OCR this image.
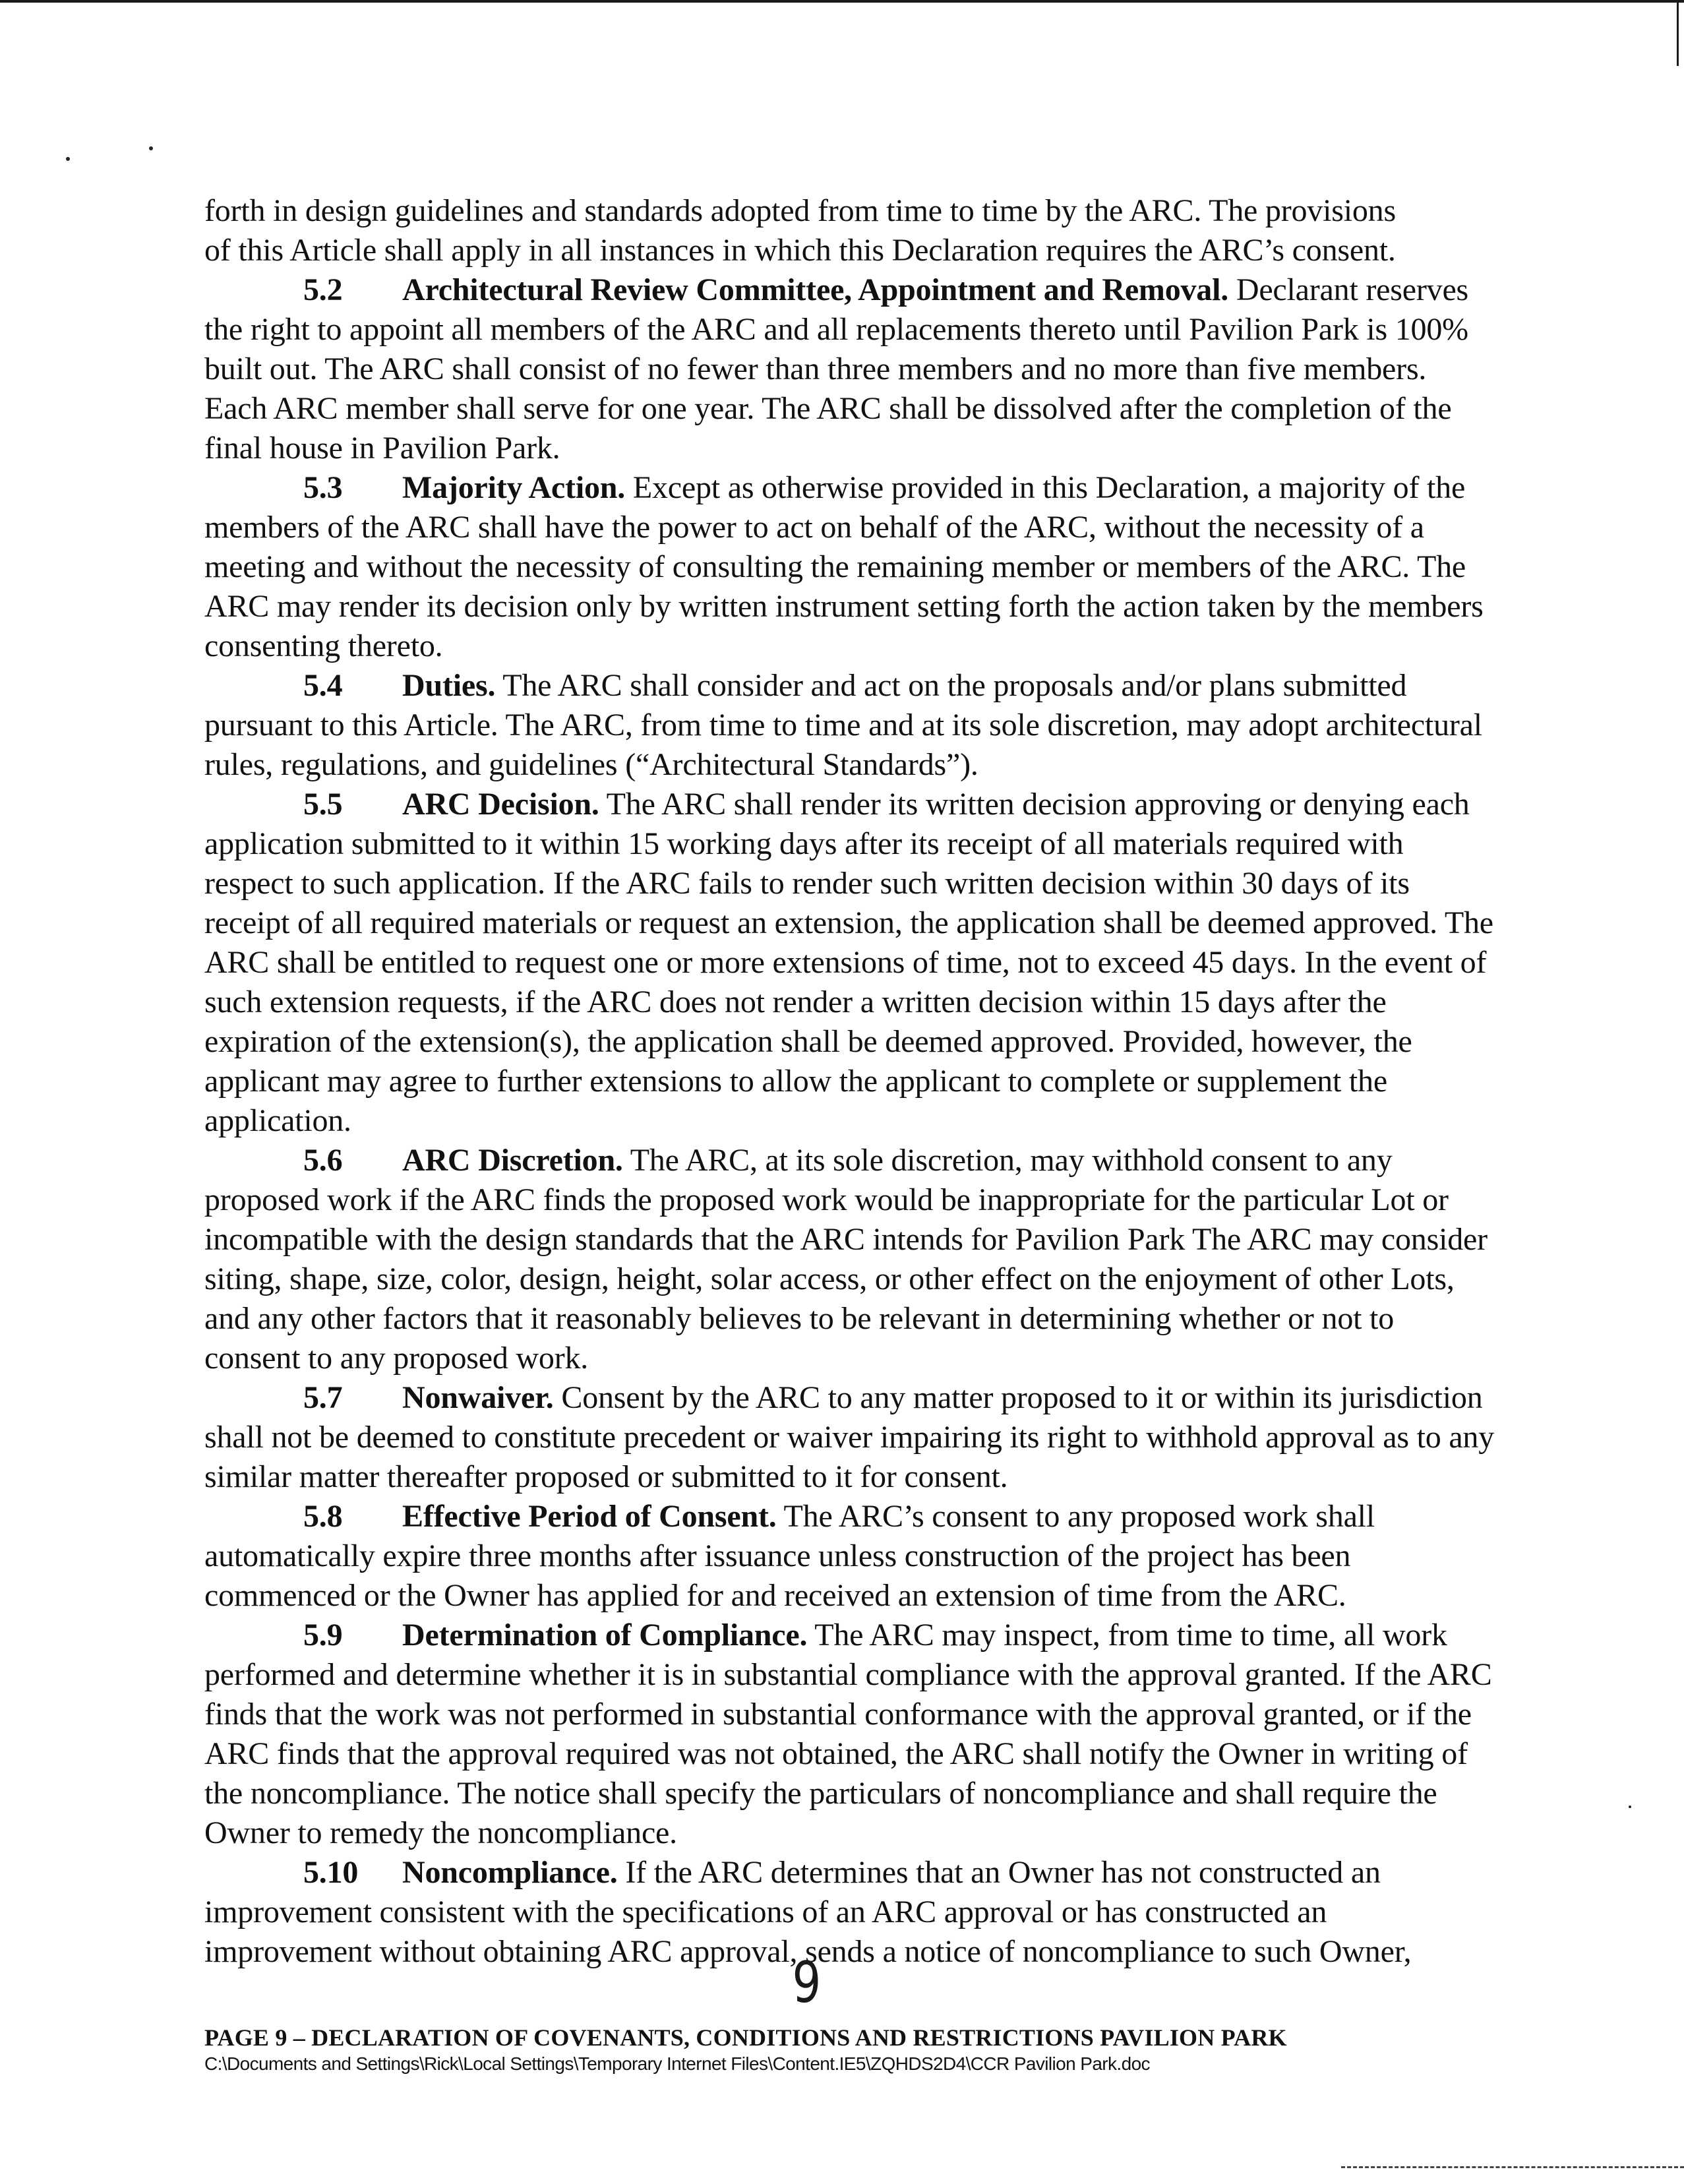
forth in design guidelines and standards adopted from time to time by the ARC. The provisions

of this Article shall apply in all instances in which this Declaration requires the ARC’s consent.

5.2 Architectural Review Committee, Appointment and Removal. Declarant reserves the right to appoint all members of the ARC and all replacements thereto until Pavilion Park is 100% built out. The ARC shall consist of no fewer than three members and no more than five members. Each ARC member shall serve for one year. The ARC shall be dissolved after the completion of the final house in Pavilion Park.

5.3 Majority Action. Except as otherwise provided in this Declaration, a majority of the members of the ARC shall have the power to act on behalf of the ARC, without the necessity of a meeting and without the necessity of consulting the remaining member or members of the ARC. The ARC may render its decision only by written instrument setting forth the action taken by the members consenting thereto.

5.4 Duties. The ARC shall consider and act on the proposals and/or plans submitted pursuant to this Article. The ARC, from time to time and at its sole discretion, may adopt architectural rules, regulations, and guidelines (“Architectural Standards”).

5.5 ARC Decision. The ARC shall render its written decision approving or denying each application submitted to it within 15 working days after its receipt of all materials required with respect to such application. If the ARC fails to render such written decision within 30 days of its receipt of all required materials or request an extension, the application shall be deemed approved. The ARC shall be entitled to request one or more extensions of time, not to exceed 45 days. In the event of such extension requests, if the ARC does not render a written decision within 15 days after the expiration of the extension(s), the application shall be deemed approved. Provided, however, the applicant may agree to further extensions to allow the applicant to complete or supplement the application.

5.6 ARC Discretion. The ARC, at its sole discretion, may withhold consent to any proposed work if the ARC finds the proposed work would be inappropriate for the particular Lot or incompatible with the design standards that the ARC intends for Pavilion Park The ARC may consider siting, shape, size, color, design, height, solar access, or other effect on the enjoyment of other Lots, and any other factors that it reasonably believes to be relevant in determining whether or not to consent to any proposed work.

5.7 Nonwaiver. Consent by the ARC to any matter proposed to it or within its jurisdiction shall not be deemed to constitute precedent or waiver impairing its right to withhold approval as to any similar matter thereafter proposed or submitted to it for consent.

5.8 Effective Period of Consent. The ARC’s consent to any proposed work shall automatically expire three months after issuance unless construction of the project has been commenced or the Owner has applied for and received an extension of time from the ARC.

5.9 Determination of Compliance. The ARC may inspect, from time to time, all work performed and determine whether it is in substantial compliance with the approval granted. If the ARC finds that the work was not performed in substantial conformance with the approval granted, or if the ARC finds that the approval required was not obtained, the ARC shall notify the Owner in writing of the noncompliance. The notice shall specify the particulars of noncompliance and shall require the Owner to remedy the noncompliance.

5.10 Noncompliance. If the ARC determines that an Owner has not constructed an improvement consistent with the specifications of an ARC approval or has constructed an improvement without obtaining ARC approval, sends a notice of noncompliance to such Owner,

9
PAGE 9 – DECLARATION OF COVENANTS, CONDITIONS AND RESTRICTIONS PAVILION PARK
C:\Documents and Settings\Rick\Local Settings\Temporary Internet Files\Content.IE5\ZQHDS2D4\CCR Pavilion Park.doc
